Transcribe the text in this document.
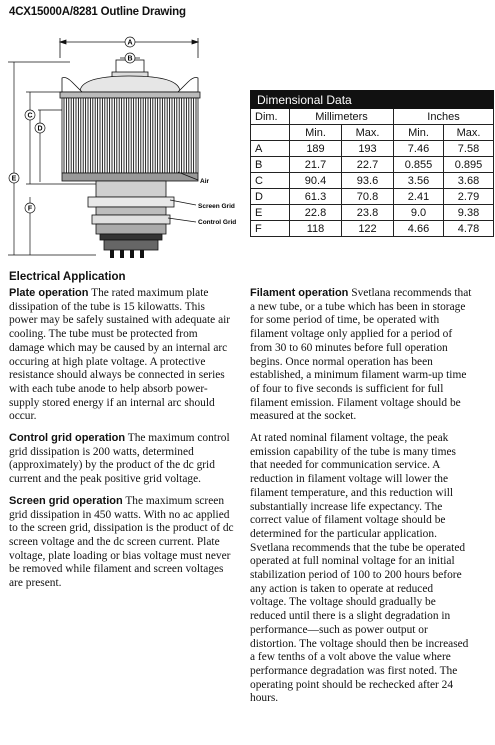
4CX15000A/8281 Outline Drawing
A
B
C
D
E
F
Air
Screen Grid
Control Grid
Dimensional Data				
Dim.	Millimeters		Inches	
	Min.	Max.	Min.	Max.
A	189	193	7.46	7.58
B	21.7	22.7	0.855	0.895
C	90.4	93.6	3.56	3.68
D	61.3	70.8	2.41	2.79
E	22.8	23.8	9.0	9.38
F	118	122	4.66	4.78
Electrical Application

Plate operation The rated maximum plate dissipation of the tube is 15 kilowatts. This power may be safely sustained with adequate air cooling. The tube must be protected from damage which may be caused by an internal arc occuring at high plate voltage. A protective resistance should always be connected in series with each tube anode to help absorb power-supply stored energy if an internal arc should occur.

Control grid operation The maximum control grid dissipation is 200 watts, determined (approximately) by the product of the dc grid current and the peak positive grid voltage.

Screen grid operation The maximum screen grid dissipation in 450 watts. With no ac applied to the screen grid, dissipation is the product of dc screen voltage and the dc screen current. Plate voltage, plate loading or bias voltage must never be removed while filament and screen voltages are present.

Filament operation Svetlana recommends that a new tube, or a tube which has been in storage for some period of time, be operated with filament voltage only applied for a period of from 30 to 60 minutes before full operation begins. Once normal operation has been established, a minimum filament warm-up time of four to five seconds is sufficient for full filament emission. Filament voltage should be measured at the socket.

At rated nominal filament voltage, the peak emission capability of the tube is many times that needed for communication service. A reduction in filament voltage will lower the filament temperature, and this reduction will substantially increase life expectancy. The correct value of filament voltage should be determined for the particular application. Svetlana recommends that the tube be operated operated at full nominal voltage for an initial stabilization period of 100 to 200 hours before any action is taken to operate at reduced voltage. The voltage should gradually be reduced until there is a slight degradation in performance—such as power output or distortion. The voltage should then be increased a few tenths of a volt above the value where performance degradation was first noted. The operating point should be rechecked after 24 hours.
